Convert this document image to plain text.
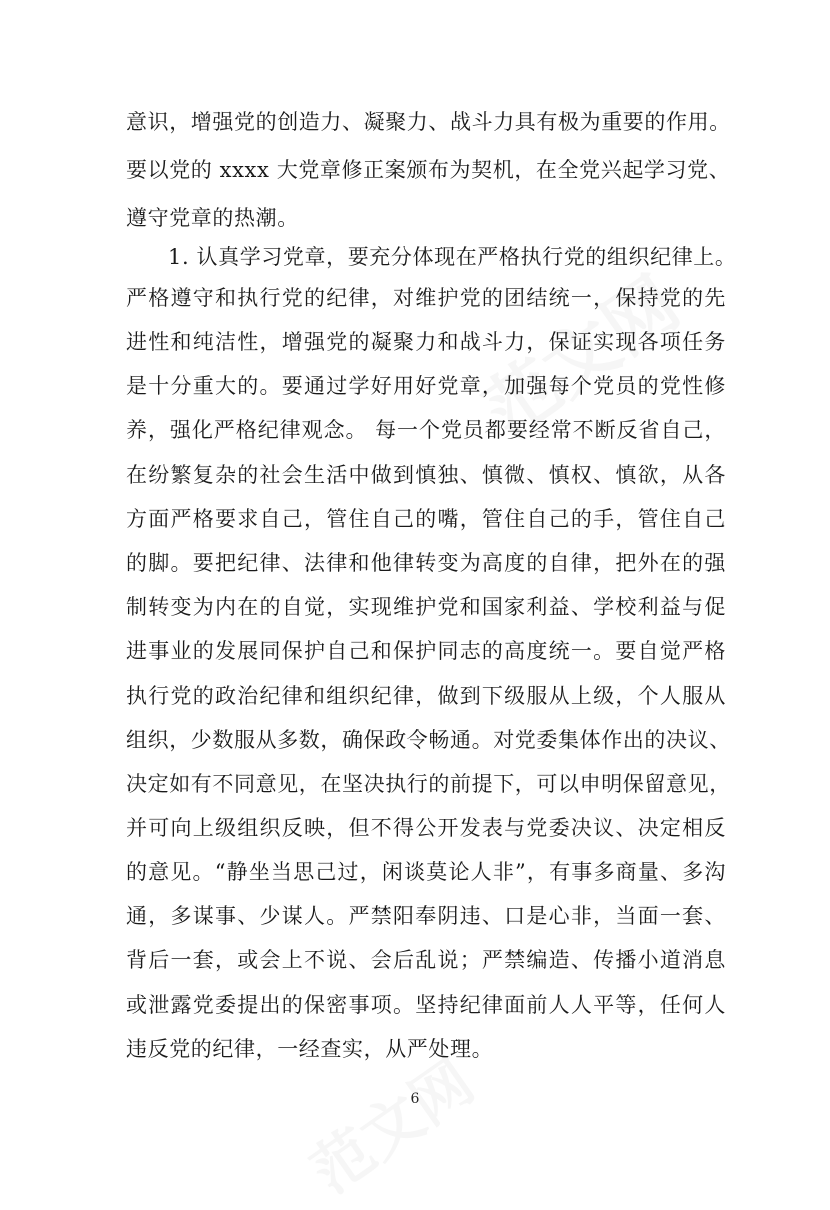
意识，增强党的创造力、凝聚力、战斗力具有极为重要的作用。
要以党的 xxxx 大党章修正案颁布为契机，在全党兴起学习党、
遵守党章的热潮。
1. 认真学习党章，要充分体现在严格执行党的组织纪律上。
严格遵守和执行党的纪律，对维护党的团结统一，保持党的先
进性和纯洁性，增强党的凝聚力和战斗力，保证实现各项任务
是十分重大的。要通过学好用好党章，加强每个党员的党性修
养，强化严格纪律观念。 每一个党员都要经常不断反省自己，
在纷繁复杂的社会生活中做到慎独、慎微、慎权、慎欲，从各
方面严格要求自己，管住自己的嘴，管住自己的手，管住自己
的脚。要把纪律、法律和他律转变为高度的自律，把外在的强
制转变为内在的自觉，实现维护党和国家利益、学校利益与促
进事业的发展同保护自己和保护同志的高度统一。要自觉严格
执行党的政治纪律和组织纪律，做到下级服从上级，个人服从
组织，少数服从多数，确保政令畅通。对党委集体作出的决议、
决定如有不同意见，在坚决执行的前提下，可以申明保留意见，
并可向上级组织反映，但不得公开发表与党委决议、决定相反
的意见。“静坐当思己过，闲谈莫论人非”，有事多商量、多沟
通，多谋事、少谋人。严禁阳奉阴违、口是心非，当面一套、
背后一套，或会上不说、会后乱说；严禁编造、传播小道消息
或泄露党委提出的保密事项。坚持纪律面前人人平等，任何人
违反党的纪律，一经查实，从严处理。
6
